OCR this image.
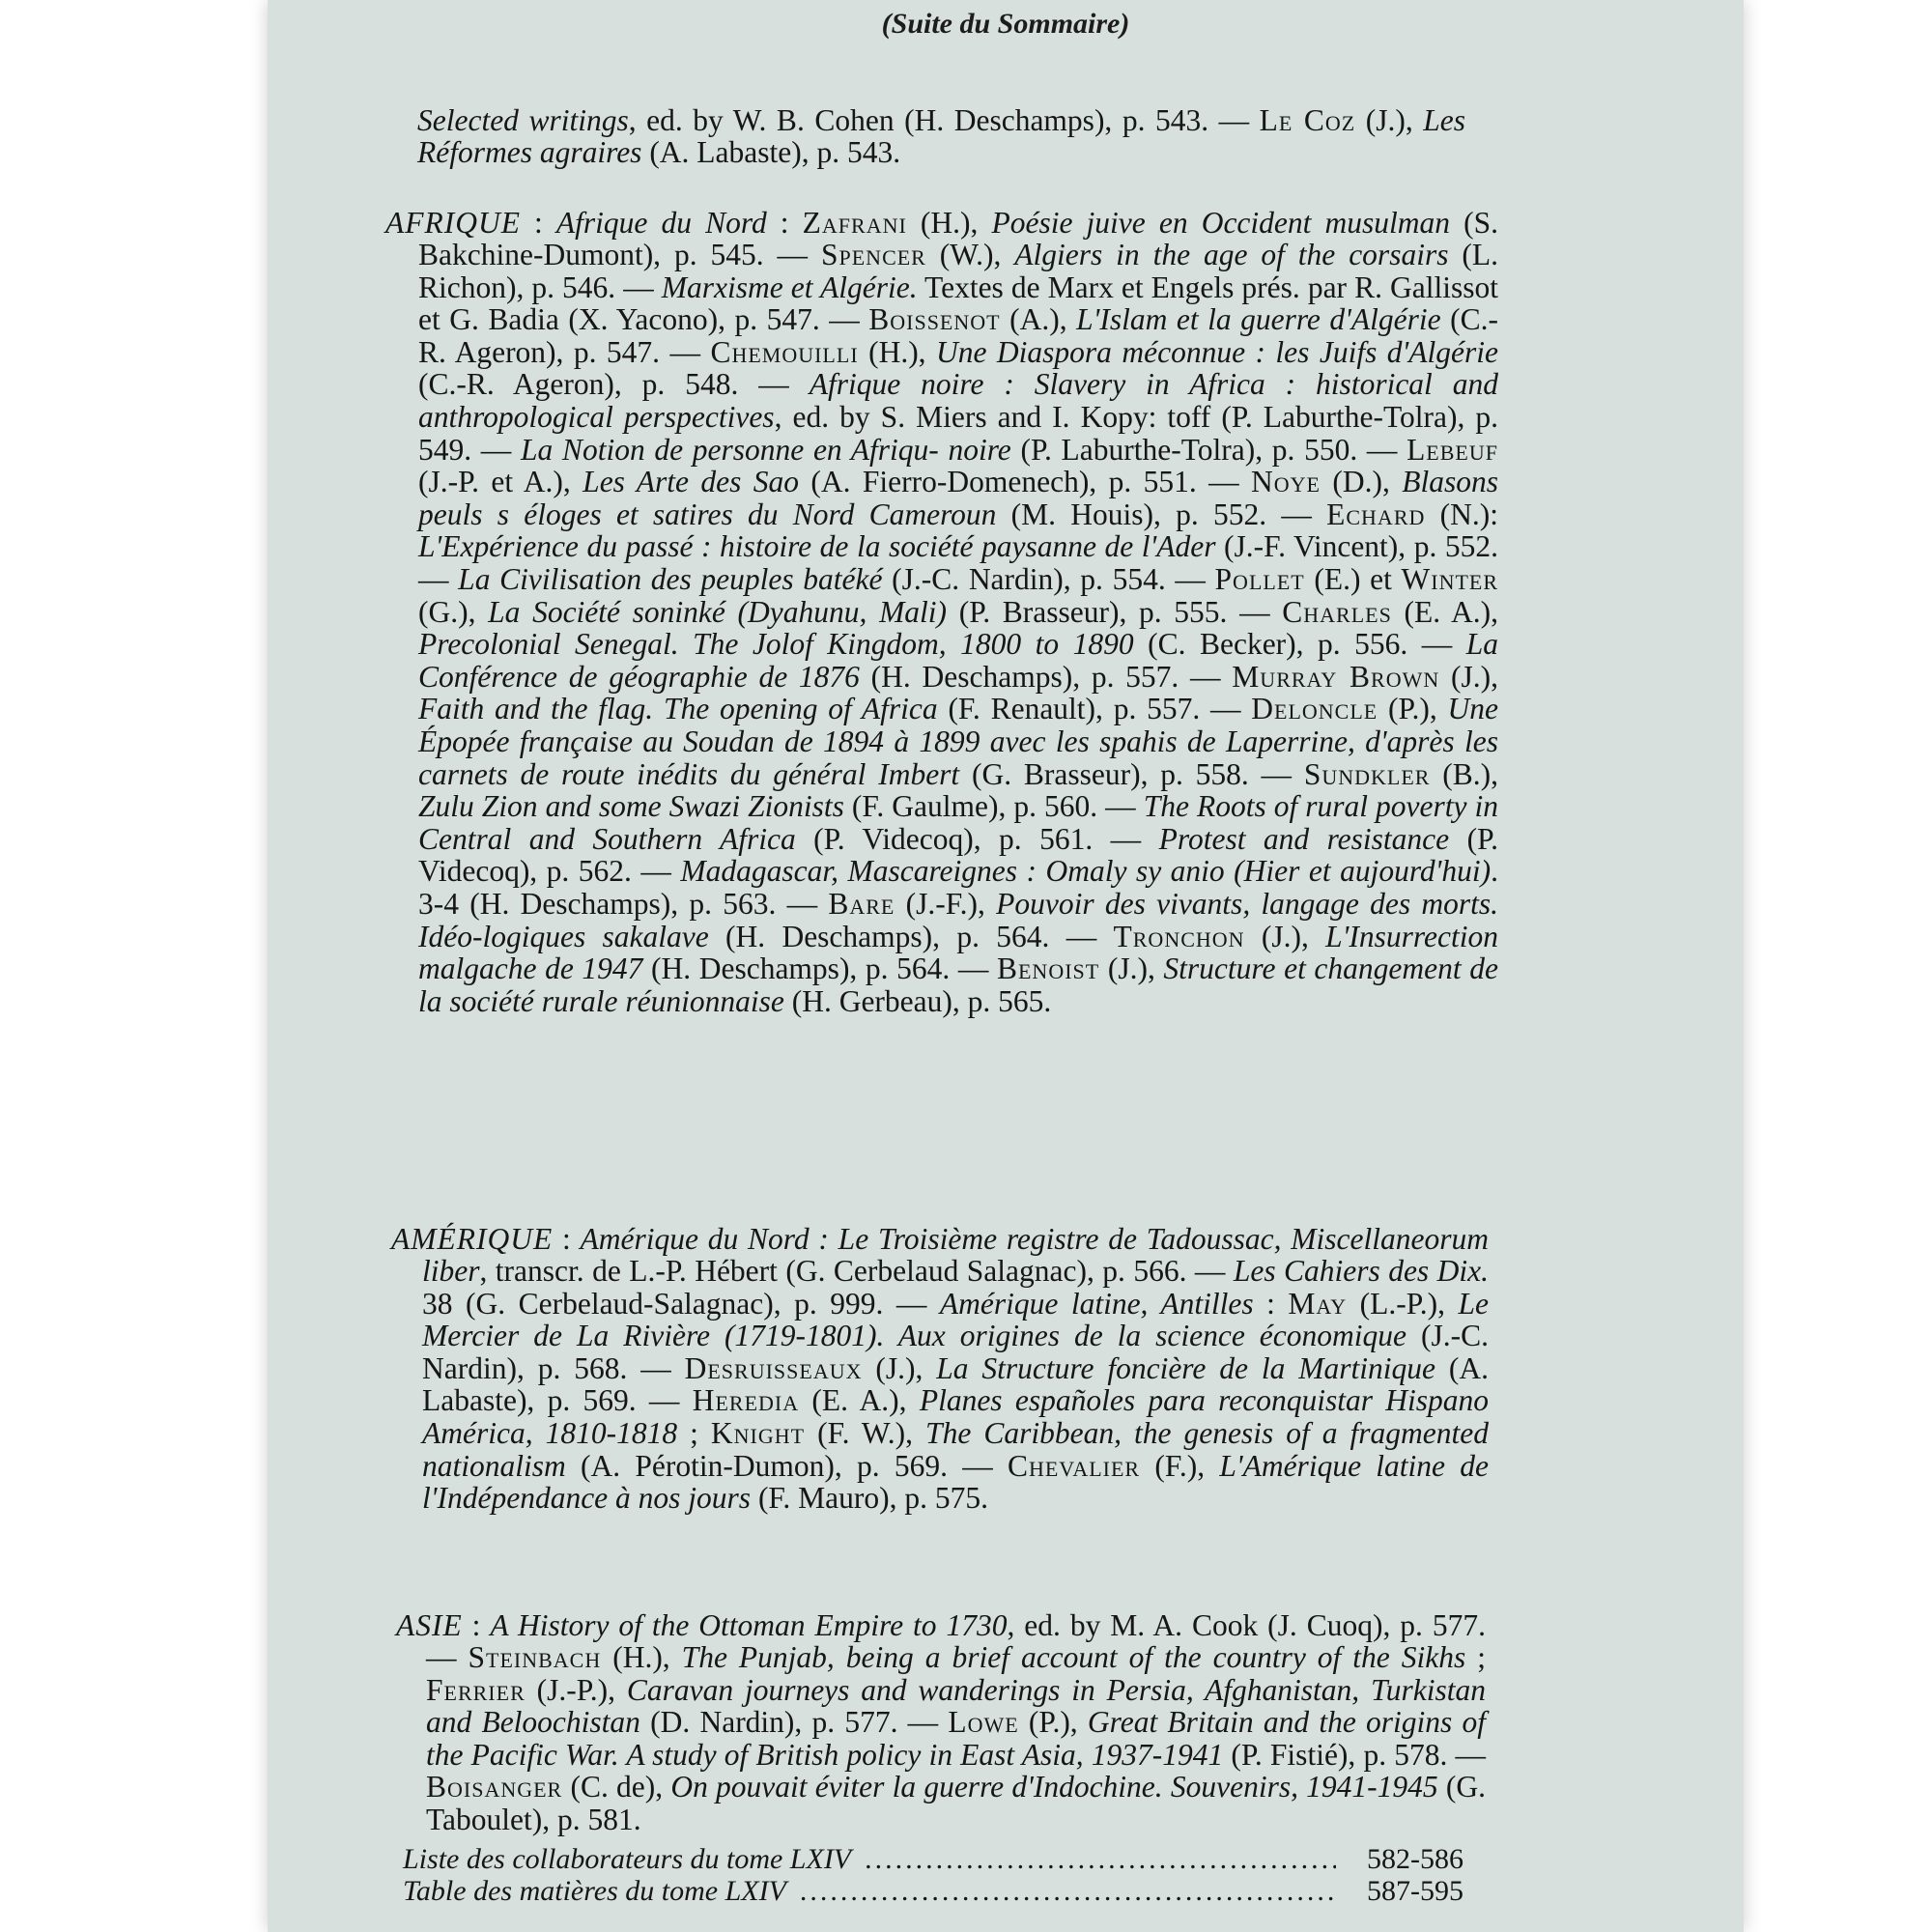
(Suite du Sommaire)

Selected writings, ed. by W. B. Cohen (H. Deschamps), p. 543. — Le Coz (J.), Les Réformes agraires (A. Labaste), p. 543.

AFRIQUE : Afrique du Nord : Zafrani (H.), Poésie juive en Occident musulman (S. Bakchine-Dumont), p. 545. — Spencer (W.), Algiers in the age of the corsairs (L. Richon), p. 546. — Marxisme et Algérie. Textes de Marx et Engels prés. par R. Gallissot et G. Badia (X. Yacono), p. 547. — Boissenot (A.), L'Islam et la guerre d'Algérie (C.-R. Ageron), p. 547. — Chemouilli (H.), Une Diaspora méconnue : les Juifs d'Algérie (C.-R. Ageron), p. 548. — Afrique noire : Slavery in Africa : historical and anthropological perspectives, ed. by S. Miers and I. Kopy: toff (P. Laburthe-Tolra), p. 549. — La Notion de personne en Afriqu- noire (P. Laburthe-Tolra), p. 550. — Lebeuf (J.-P. et A.), Les Arte des Sao (A. Fierro-Domenech), p. 551. — Noye (D.), Blasons peuls s éloges et satires du Nord Cameroun (M. Houis), p. 552. — Echard (N.): L'Expérience du passé : histoire de la société paysanne de l'Ader (J.-F. Vincent), p. 552. — La Civilisation des peuples batéké (J.-C. Nardin), p. 554. — Pollet (E.) et Winter (G.), La Société soninké (Dyahunu, Mali) (P. Brasseur), p. 555. — Charles (E. A.), Precolonial Senegal. The Jolof Kingdom, 1800 to 1890 (C. Becker), p. 556. — La Conférence de géographie de 1876 (H. Deschamps), p. 557. — Murray Brown (J.), Faith and the flag. The opening of Africa (F. Renault), p. 557. — Deloncle (P.), Une Épopée française au Soudan de 1894 à 1899 avec les spahis de Laperrine, d'après les carnets de route inédits du général Imbert (G. Brasseur), p. 558. — Sundkler (B.), Zulu Zion and some Swazi Zionists (F. Gaulme), p. 560. — The Roots of rural poverty in Central and Southern Africa (P. Videcoq), p. 561. — Protest and resistance (P. Videcoq), p. 562. — Madagascar, Mascareignes : Omaly sy anio (Hier et aujourd'hui). 3-4 (H. Deschamps), p. 563. — Bare (J.-F.), Pouvoir des vivants, langage des morts. Idéo-logiques sakalave (H. Deschamps), p. 564. — Tronchon (J.), L'Insurrection malgache de 1947 (H. Deschamps), p. 564. — Benoist (J.), Structure et changement de la société rurale réunionnaise (H. Gerbeau), p. 565.

AMÉRIQUE : Amérique du Nord : Le Troisième registre de Tadoussac, Miscellaneorum liber, transcr. de L.-P. Hébert (G. Cerbelaud Salagnac), p. 566. — Les Cahiers des Dix. 38 (G. Cerbelaud-Salagnac), p. 999. — Amérique latine, Antilles : May (L.-P.), Le Mercier de La Rivière (1719-1801). Aux origines de la science économique (J.-C. Nardin), p. 568. — Desruisseaux (J.), La Structure foncière de la Martinique (A. Labaste), p. 569. — Heredia (E. A.), Planes españoles para reconquistar Hispano América, 1810-1818 ; Knight (F. W.), The Caribbean, the genesis of a fragmented nationalism (A. Pérotin-Dumon), p. 569. — Chevalier (F.), L'Amérique latine de l'Indépendance à nos jours (F. Mauro), p. 575.

ASIE : A History of the Ottoman Empire to 1730, ed. by M. A. Cook (J. Cuoq), p. 577. — Steinbach (H.), The Punjab, being a brief account of the country of the Sikhs ; Ferrier (J.-P.), Caravan journeys and wanderings in Persia, Afghanistan, Turkistan and Beloochistan (D. Nardin), p. 577. — Lowe (P.), Great Britain and the origins of the Pacific War. A study of British policy in East Asia, 1937-1941 (P. Fistié), p. 578. — Boisanger (C. de), On pouvait éviter la guerre d'Indochine. Souvenirs, 1941-1945 (G. Taboulet), p. 581.

Liste des collaborateurs du tome LXIV .....	582-586
Table des matières du tome LXIV .....	587-595
